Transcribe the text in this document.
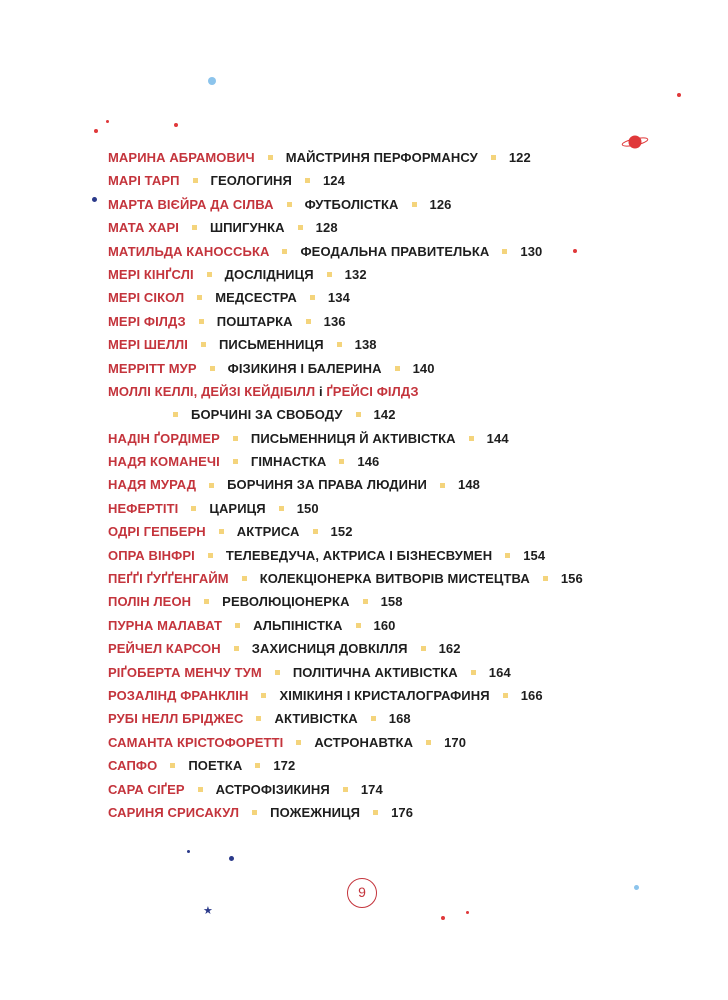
МАРИНА АБРАМОВИЧ МАЙСТРИНЯ ПЕРФОРМАНСУ 122
МАРІ ТАРП ГЕОЛОГИНЯ 124
МАРТА ВІЄЙРА ДА СІЛВА ФУТБОЛІСТКА 126
МАТА ХАРІ ШПИГУНКА 128
МАТИЛЬДА КАНОССЬКА ФЕОДАЛЬНА ПРАВИТЕЛЬКА 130
МЕРІ КІНҐСЛІ ДОСЛІДНИЦЯ 132
МЕРІ СІКОЛ МЕДСЕСТРА 134
МЕРІ ФІЛДЗ ПОШТАРКА 136
МЕРІ ШЕЛЛІ ПИСЬМЕННИЦЯ 138
МЕРРІТТ МУР ФІЗИКИНЯ І БАЛЕРИНА 140
МОЛЛІ КЕЛЛІ, ДЕЙЗІ КЕЙДІБІЛЛ і ҐРЕЙСІ ФІЛДЗ
БОРЧИНІ ЗА СВОБОДУ 142
НАДІН ҐОРДІМЕР ПИСЬМЕННИЦЯ Й АКТИВІСТКА 144
НАДЯ КОМАНЕЧІ ГІМНАСТКА 146
НАДЯ МУРАД БОРЧИНЯ ЗА ПРАВА ЛЮДИНИ 148
НЕФЕРТІТІ ЦАРИЦЯ 150
ОДРІ ГЕПБЕРН АКТРИСА 152
ОПРА ВІНФРІ ТЕЛЕВЕДУЧА, АКТРИСА І БІЗНЕСВУМЕН 154
ПЕҐҐІ ҐУҐҐЕНГАЙМ КОЛЕКЦІОНЕРКА ВИТВОРІВ МИСТЕЦТВА 156
ПОЛІН ЛЕОН РЕВОЛЮЦІОНЕРКА 158
ПУРНА МАЛАВАТ АЛЬПІНІСТКА 160
РЕЙЧЕЛ КАРСОН ЗАХИСНИЦЯ ДОВКІЛЛЯ 162
РІҐОБЕРТА МЕНЧУ ТУМ ПОЛІТИЧНА АКТИВІСТКА 164
РОЗАЛІНД ФРАНКЛІН ХІМІКИНЯ І КРИСТАЛОГРАФИНЯ 166
РУБІ НЕЛЛ БРІДЖЕС АКТИВІСТКА 168
САМАНТА КРІСТОФОРЕТТІ АСТРОНАВТКА 170
САПФО ПОЕТКА 172
САРА СІҐЕР АСТРОФІЗИКИНЯ 174
САРИНЯ СРИСАКУЛ ПОЖЕЖНИЦЯ 176
★
9
